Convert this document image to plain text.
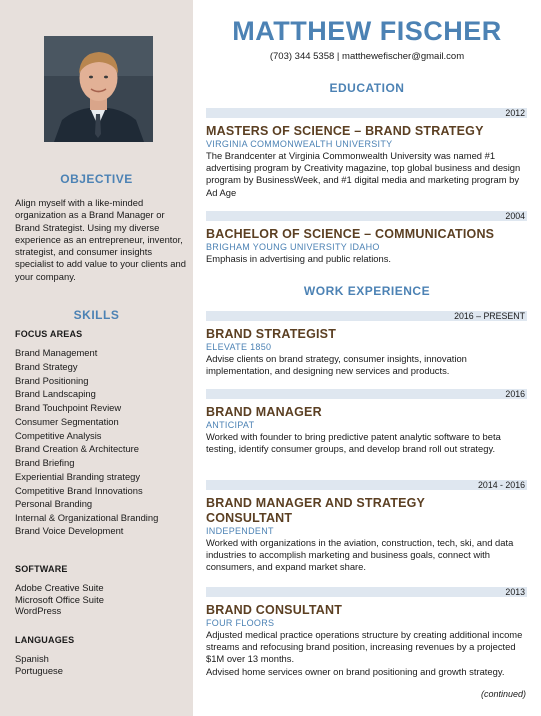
OBJECTIVE
Align myself with a like-minded organization as a Brand Manager or Brand Strategist. Using my diverse experience as an entrepreneur, inventor, strategist, and consumer insights specialist to add value to your clients and your company.
SKILLS
FOCUS AREAS
Brand Management
Brand Strategy
Brand Positioning
Brand Landscaping
Brand Touchpoint Review
Consumer Segmentation
Competitive Analysis
Brand Creation & Architecture
Brand Briefing
Experiential Branding strategy
Competitive Brand Innovations
Personal Branding
Internal & Organizational Branding
Brand Voice Development
SOFTWARE
Adobe Creative Suite
Microsoft Office Suite
WordPress
LANGUAGES
Spanish
Portuguese
MATTHEW FISCHER
(703) 344 5358 | matthewefischer@gmail.com
EDUCATION
2012
MASTERS OF SCIENCE – BRAND STRATEGY
VIRGINIA COMMONWEALTH UNIVERSITY
The Brandcenter at Virginia Commonwealth University was named #1 advertising program by Creativity magazine, top global business and design program by BusinessWeek, and #1 digital media and marketing program by Ad Age
2004
BACHELOR OF SCIENCE – COMMUNICATIONS
BRIGHAM YOUNG UNIVERSITY IDAHO
Emphasis in advertising and public relations.
WORK EXPERIENCE
2016 – PRESENT
BRAND STRATEGIST
ELEVATE 1850
Advise clients on brand strategy, consumer insights, innovation implementation, and designing new services and products.
2016
BRAND MANAGER
ANTICIPAT
Worked with founder to bring predictive patent analytic software to beta testing, identify consumer groups, and develop brand roll out strategy.
2014 - 2016
BRAND MANAGER AND STRATEGY CONSULTANT
INDEPENDENT
Worked with organizations in the aviation, construction, tech, ski, and data industries to accomplish marketing and business goals, connect with consumers, and expand market share.
2013
BRAND CONSULTANT
FOUR FLOORS
Adjusted medical practice operations structure by creating additional income streams and refocusing brand position, increasing revenues by a projected $1M over 13 months.
Advised home services owner on brand positioning and growth strategy.
(continued)
